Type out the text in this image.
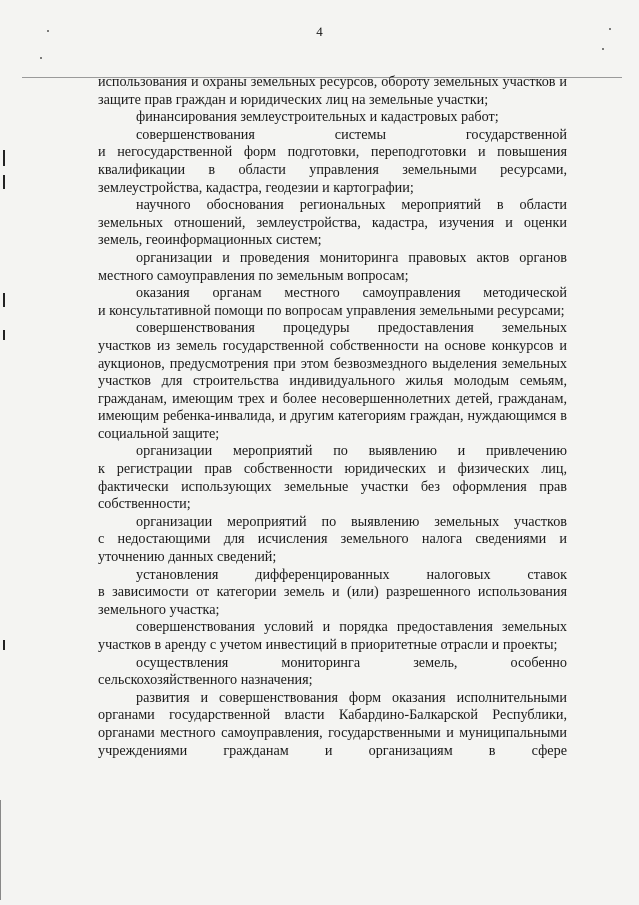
4

использования и охраны земельных ресурсов, обороту земельных участков и защите прав граждан и юридических лиц на земельные участки;

финансирования землеустроительных и кадастровых работ;

совершенствования системы государственной
и негосударственной форм подготовки, переподготовки и повышения квалификации в области управления земельными ресурсами, землеустройства, кадастра, геодезии и картографии;

научного обоснования региональных мероприятий в области
земельных отношений, землеустройства, кадастра, изучения и оценки земель, геоинформационных систем;

организации и проведения мониторинга правовых актов органов
местного самоуправления по земельным вопросам;

оказания органам местного самоуправления методической
и консультативной помощи по вопросам управления земельными ресурсами;

совершенствования процедуры предоставления земельных
участков из земель государственной собственности на основе конкурсов и аукционов, предусмотрения при этом безвозмездного выделения земельных участков для строительства индивидуального жилья молодым семьям, гражданам, имеющим трех и более несовершеннолетних детей, гражданам, имеющим ребенка-инвалида, и другим категориям граждан, нуждающимся в социальной защите;

организации мероприятий по выявлению и привлечению
к регистрации прав собственности юридических и физических лиц, фактически использующих земельные участки без оформления прав собственности;

организации мероприятий по выявлению земельных участков
с недостающими для исчисления земельного налога сведениями и уточнению данных сведений;

установления дифференцированных налоговых ставок
в зависимости от категории земель и (или) разрешенного использования земельного участка;

совершенствования условий и порядка предоставления земельных
участков в аренду с учетом инвестиций в приоритетные отрасли и проекты;

осуществления мониторинга земель, особенно
сельскохозяйственного назначения;

развития и совершенствования форм оказания исполнительными
органами государственной власти Кабардино-Балкарской Республики, органами местного самоуправления, государственными и муниципальными учреждениями гражданам и организациям в сфере
